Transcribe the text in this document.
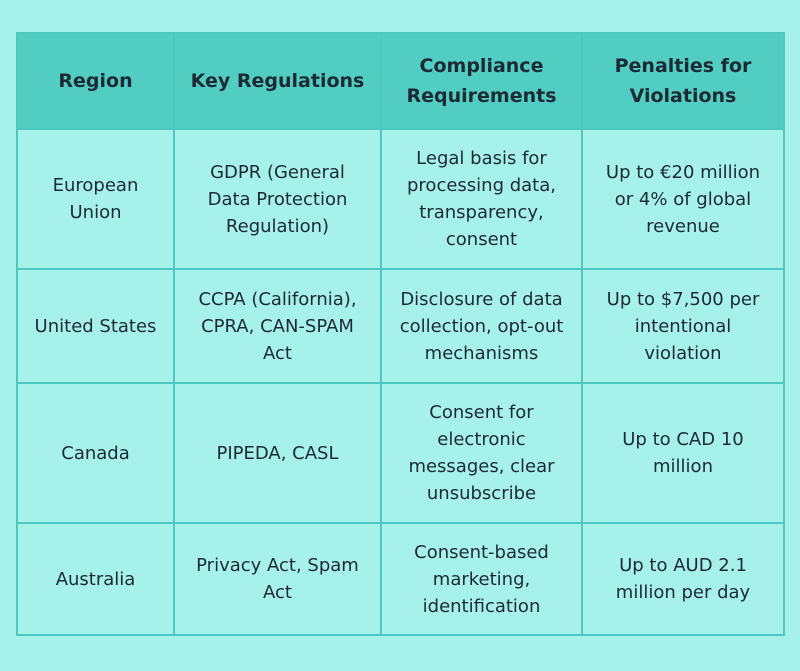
Region	Key Regulations	Compliance Requirements	Penalties for Violations
European Union	GDPR (General Data Protection Regulation)	Legal basis for processing data, transparency, consent	Up to €20 million or 4% of global revenue
United States	CCPA (California), CPRA, CAN-SPAM Act	Disclosure of data collection, opt-out mechanisms	Up to $7,500 per intentional violation
Canada	PIPEDA, CASL	Consent for electronic messages, clear unsubscribe	Up to CAD 10 million
Australia	Privacy Act, Spam Act	Consent-based marketing, identification	Up to AUD 2.1 million per day
